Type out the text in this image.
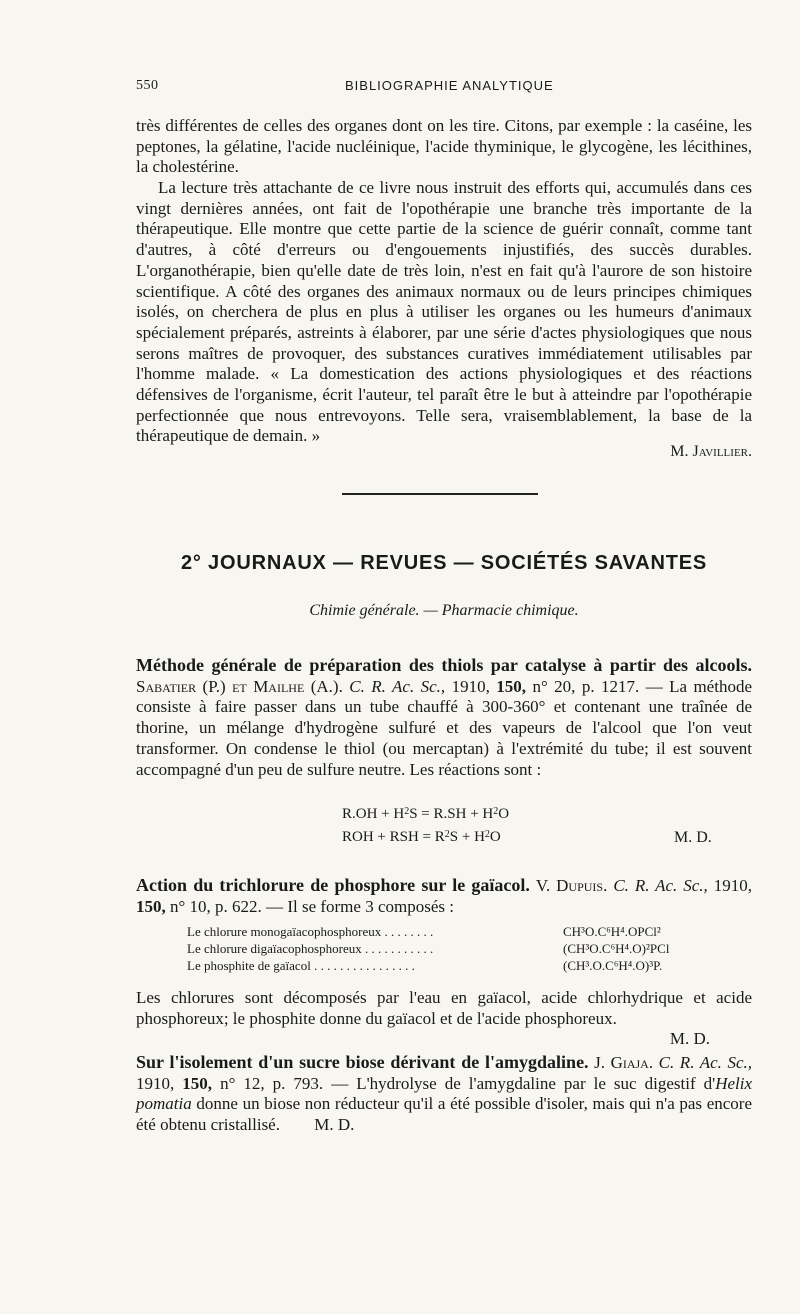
550	BIBLIOGRAPHIE ANALYTIQUE
très différentes de celles des organes dont on les tire. Citons, par exemple : la caséine, les peptones, la gélatine, l'acide nucléinique, l'acide thyminique, le glycogène, les lécithines, la cholestérine.
La lecture très attachante de ce livre nous instruit des efforts qui, accumulés dans ces vingt dernières années, ont fait de l'opothérapie une branche très importante de la thérapeutique. Elle montre que cette partie de la science de guérir connaît, comme tant d'autres, à côté d'erreurs ou d'engouements injustifiés, des succès durables. L'organothérapie, bien qu'elle date de très loin, n'est en fait qu'à l'aurore de son histoire scientifique. A côté des organes des animaux normaux ou de leurs principes chimiques isolés, on cherchera de plus en plus à utiliser les organes ou les humeurs d'animaux spécialement préparés, astreints à élaborer, par une série d'actes physiologiques que nous serons maîtres de provoquer, des substances curatives immédiatement utilisables par l'homme malade. « La domestication des actions physiologiques et des réactions défensives de l'organisme, écrit l'auteur, tel paraît être le but à atteindre par l'opothérapie perfectionnée que nous entrevoyons. Telle sera, vraisemblablement, la base de la thérapeutique de demain. »
M. Javillier.
2° JOURNAUX — REVUES — SOCIÉTÉS SAVANTES
Chimie générale. — Pharmacie chimique.
Méthode générale de préparation des thiols par catalyse à partir des alcools. Sabatier (P.) et Mailhe (A.). C. R. Ac. Sc., 1910, 150, n° 20, p. 1217. — La méthode consiste à faire passer dans un tube chauffé à 300-360° et contenant une traînée de thorine, un mélange d'hydrogène sulfuré et des vapeurs de l'alcool que l'on veut transformer. On condense le thiol (ou mercaptan) à l'extrémité du tube; il est souvent accompagné d'un peu de sulfure neutre. Les réactions sont :
$R.OH + H^2S = R.SH + H^2O$
ROH + RSH = $R^2S + H^2O$	M. D.
Action du trichlorure de phosphore sur le gaïacol. V. Dupuis. C. R. Ac. Sc., 1910, 150, n° 10, p. 622. — Il se forme 3 composés :
Le chlorure monogaïacophosphoreux . . . . . . . .	CH³O.C⁶H⁴.OPCl²
Le chlorure digaïacophosphoreux . . . . . . . . . . .	(CH³O.C⁶H⁴.O)²PCl
Le phosphite de gaïacol . . . . . . . . . . . . . . . .	(CH³.O.C⁶H⁴.O)³P.
Les chlorures sont décomposés par l'eau en gaïacol, acide chlorhydrique et acide phosphoreux; le phosphite donne du gaïacol et de l'acide phosphoreux.
M. D.
Sur l'isolement d'un sucre biose dérivant de l'amygdaline. J. Giaja. C. R. Ac. Sc., 1910, 150, n° 12, p. 793. — L'hydrolyse de l'amygdaline par le suc digestif d'Helix pomatia donne un biose non réducteur qu'il a été possible d'isoler, mais qui n'a pas encore été obtenu cristallisé. M. D.
